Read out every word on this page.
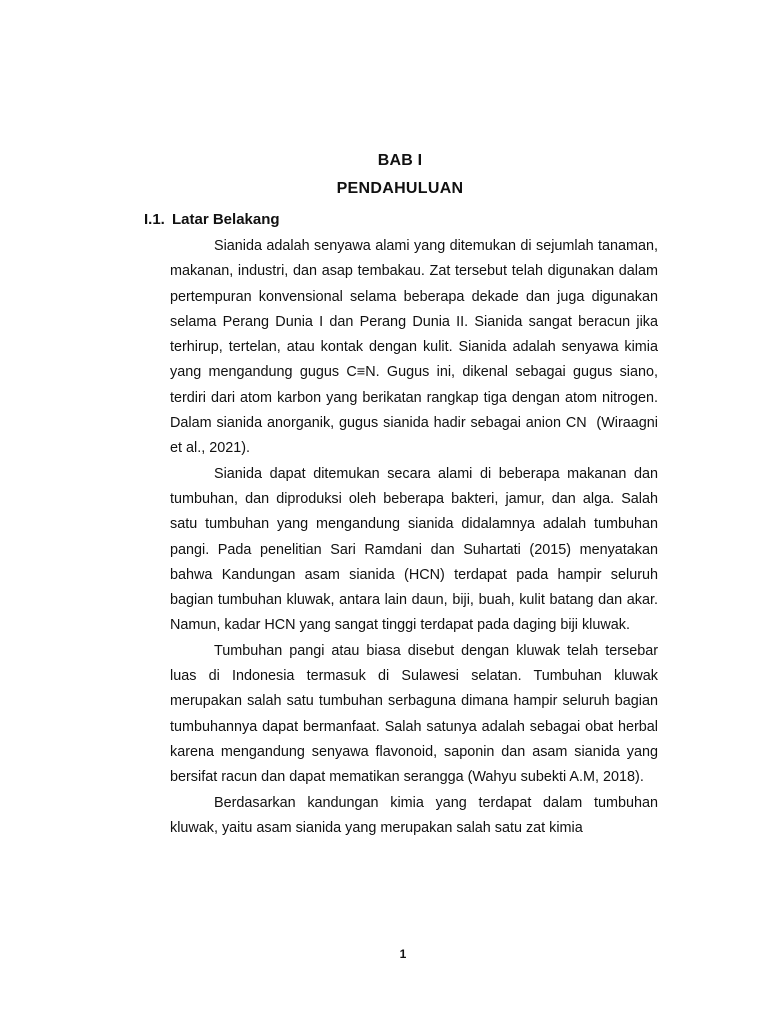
BAB I
PENDAHULUAN
I.1. Latar Belakang

Sianida adalah senyawa alami yang ditemukan di sejumlah tanaman, makanan, industri, dan asap tembakau. Zat tersebut telah digunakan dalam pertempuran konvensional selama beberapa dekade dan juga digunakan selama Perang Dunia I dan Perang Dunia II. Sianida sangat beracun jika terhirup, tertelan, atau kontak dengan kulit. Sianida adalah senyawa kimia yang mengandung gugus C≡N. Gugus ini, dikenal sebagai gugus siano, terdiri dari atom karbon yang berikatan rangkap tiga dengan atom nitrogen. Dalam sianida anorganik, gugus sianida hadir sebagai anion CN  (Wiraagni et al., 2021).

Sianida dapat ditemukan secara alami di beberapa makanan dan tumbuhan, dan diproduksi oleh beberapa bakteri, jamur, dan alga. Salah satu tumbuhan yang mengandung sianida didalamnya adalah tumbuhan pangi. Pada penelitian Sari Ramdani dan Suhartati (2015) menyatakan bahwa Kandungan asam sianida (HCN) terdapat pada hampir seluruh bagian tumbuhan kluwak, antara lain daun, biji, buah, kulit batang dan akar. Namun, kadar HCN yang sangat tinggi terdapat pada daging biji kluwak.

Tumbuhan pangi atau biasa disebut dengan kluwak telah tersebar luas di Indonesia termasuk di Sulawesi selatan. Tumbuhan kluwak merupakan salah satu tumbuhan serbaguna dimana hampir seluruh bagian tumbuhannya dapat bermanfaat. Salah satunya adalah sebagai obat herbal karena mengandung senyawa flavonoid, saponin dan asam sianida yang bersifat racun dan dapat mematikan serangga (Wahyu subekti A.M, 2018).

Berdasarkan kandungan kimia yang terdapat dalam tumbuhan kluwak, yaitu asam sianida yang merupakan salah satu zat kimia

1
